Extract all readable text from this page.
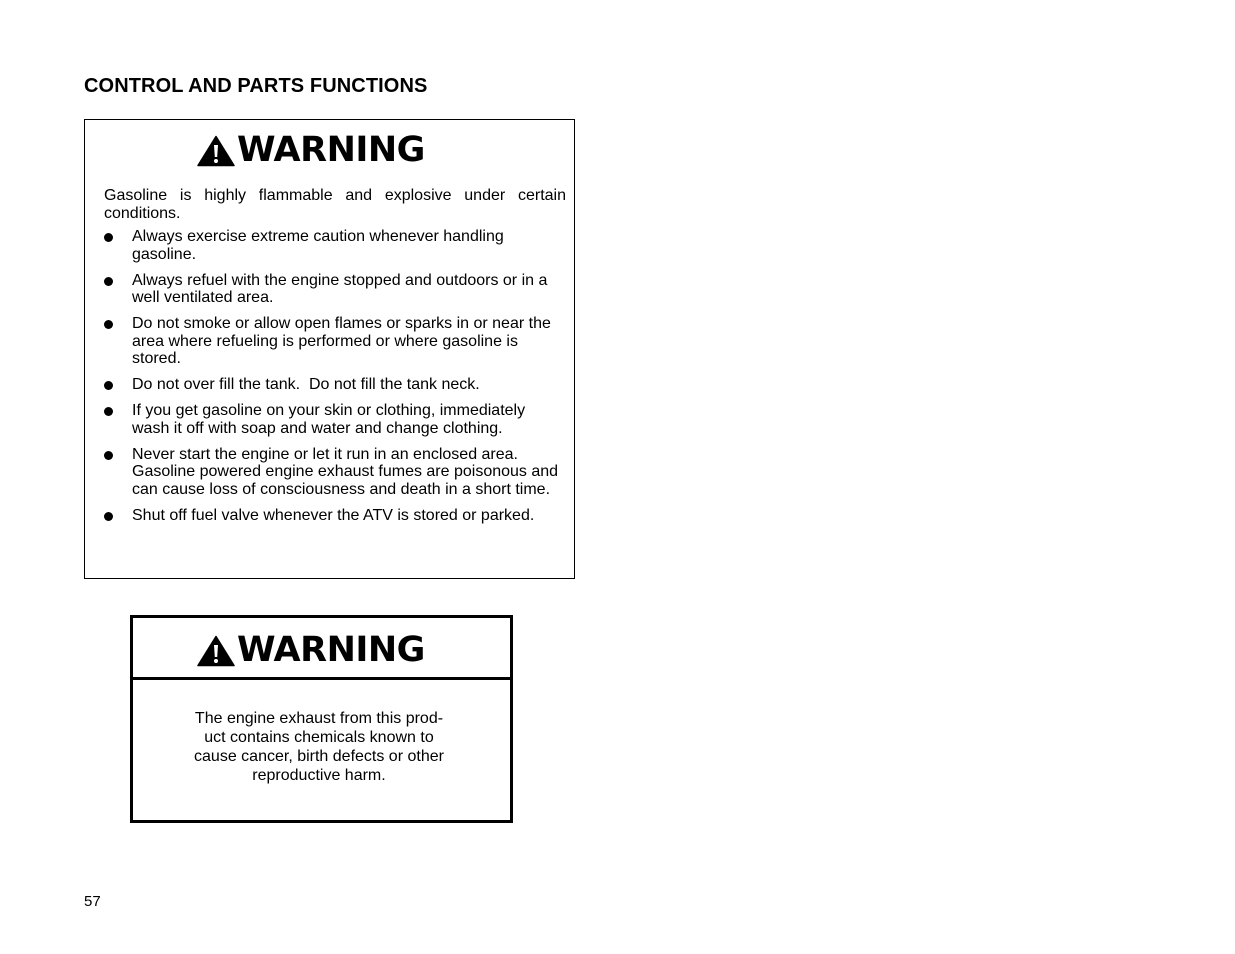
CONTROL AND PARTS FUNCTIONS
WARNING

Gasoline is highly flammable and explosive under certain conditions.

Always exercise extreme caution whenever handling gasoline.
Always refuel with the engine stopped and outdoors or in a well ventilated area.
Do not smoke or allow open flames or sparks in or near the area where refueling is performed or where gasoline is stored.
Do not over fill the tank.  Do not fill the tank neck.
If you get gasoline on your skin or clothing, immediately wash it off with soap and water and change clothing.
Never start the engine or let it run in an enclosed area. Gasoline powered engine exhaust fumes are poisonous and can cause loss of consciousness and death in a short time.
Shut off fuel valve whenever the ATV is stored or parked.
WARNING
The engine exhaust from this prod-
uct contains chemicals known to
cause cancer, birth defects or other
reproductive harm.
57
